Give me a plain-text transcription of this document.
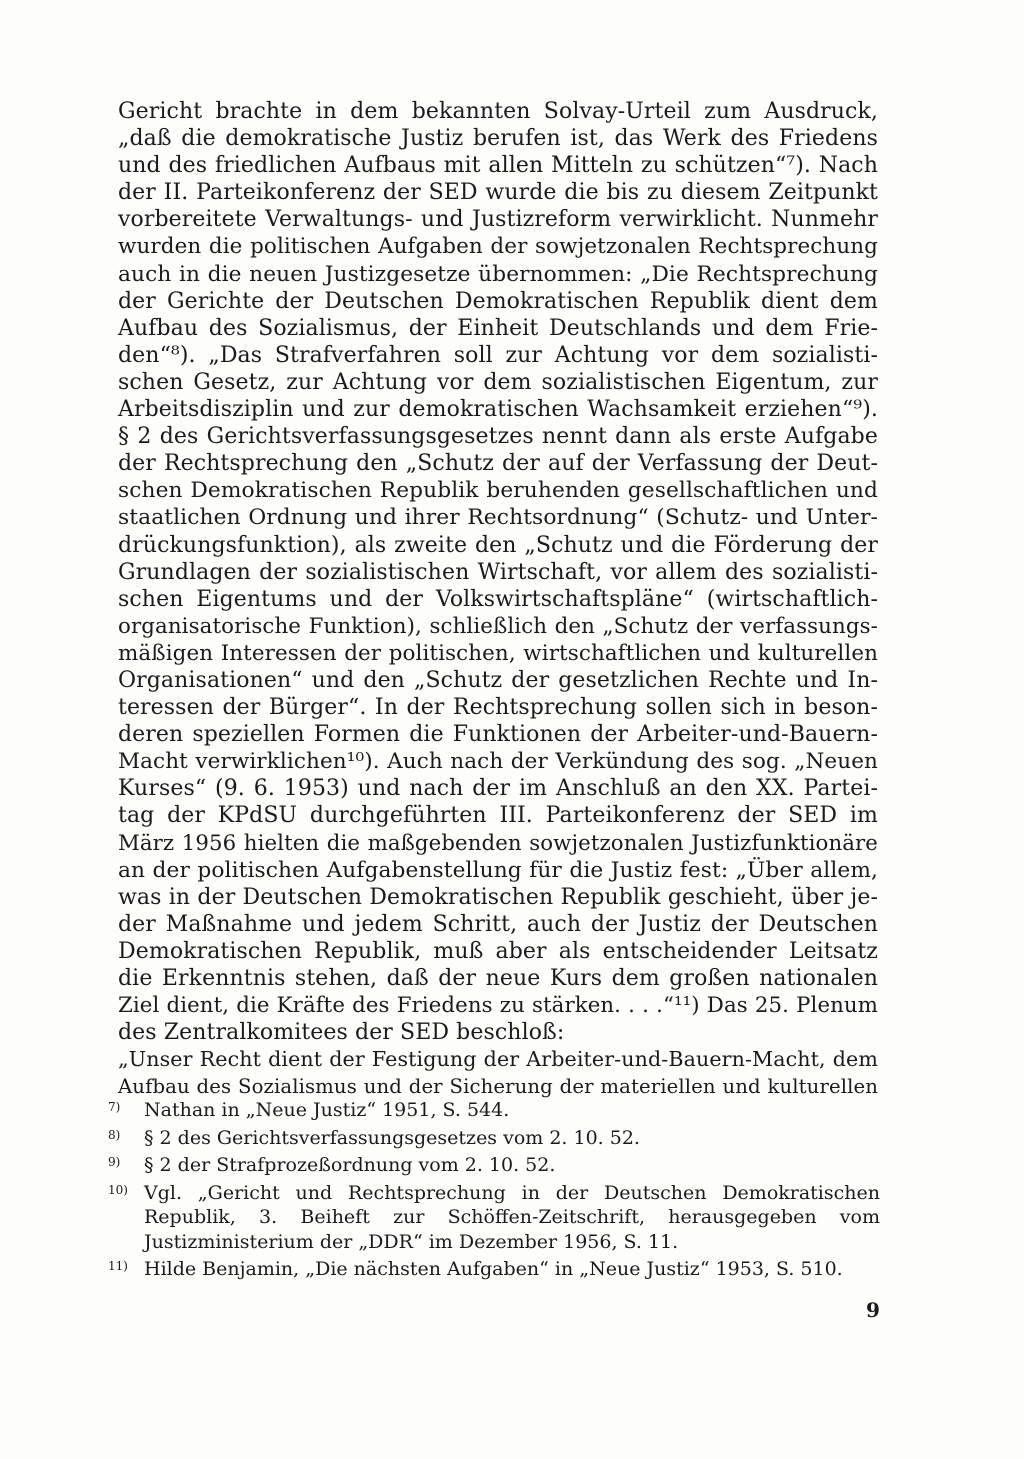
Gericht brachte in dem bekannten Solvay-Urteil zum Ausdruck,
„daß die demokratische Justiz berufen ist, das Werk des Friedens
und des friedlichen Aufbaus mit allen Mitteln zu schützen“⁷). Nach
der II. Parteikonferenz der SED wurde die bis zu diesem Zeitpunkt
vorbereitete Verwaltungs- und Justizreform verwirklicht. Nunmehr
wurden die politischen Aufgaben der sowjetzonalen Rechtsprechung
auch in die neuen Justizgesetze übernommen: „Die Rechtsprechung
der Gerichte der Deutschen Demokratischen Republik dient dem
Aufbau des Sozialismus, der Einheit Deutschlands und dem Frie-
den“⁸). „Das Strafverfahren soll zur Achtung vor dem sozialisti-
schen Gesetz, zur Achtung vor dem sozialistischen Eigentum, zur
Arbeitsdisziplin und zur demokratischen Wachsamkeit erziehen“⁹).
§ 2 des Gerichtsverfassungsgesetzes nennt dann als erste Aufgabe
der Rechtsprechung den „Schutz der auf der Verfassung der Deut-
schen Demokratischen Republik beruhenden gesellschaftlichen und
staatlichen Ordnung und ihrer Rechtsordnung“ (Schutz- und Unter-
drückungsfunktion), als zweite den „Schutz und die Förderung der
Grundlagen der sozialistischen Wirtschaft, vor allem des sozialisti-
schen Eigentums und der Volkswirtschaftspläne“ (wirtschaftlich-
organisatorische Funktion), schließlich den „Schutz der verfassungs-
mäßigen Interessen der politischen, wirtschaftlichen und kulturellen
Organisationen“ und den „Schutz der gesetzlichen Rechte und In-
teressen der Bürger“. In der Rechtsprechung sollen sich in beson-
deren speziellen Formen die Funktionen der Arbeiter-und-Bauern-
Macht verwirklichen¹⁰). Auch nach der Verkündung des sog. „Neuen
Kurses“ (9. 6. 1953) und nach der im Anschluß an den XX. Partei-
tag der KPdSU durchgeführten III. Parteikonferenz der SED im
März 1956 hielten die maßgebenden sowjetzonalen Justizfunktionäre
an der politischen Aufgabenstellung für die Justiz fest: „Über allem,
was in der Deutschen Demokratischen Republik geschieht, über je-
der Maßnahme und jedem Schritt, auch der Justiz der Deutschen
Demokratischen Republik, muß aber als entscheidender Leitsatz
die Erkenntnis stehen, daß der neue Kurs dem großen nationalen
Ziel dient, die Kräfte des Friedens zu stärken. . . .“¹¹) Das 25. Plenum
des Zentralkomitees der SED beschloß:
„Unser Recht dient der Festigung der Arbeiter-und-Bauern-Macht, dem
Aufbau des Sozialismus und der Sicherung der materiellen und kulturellen
7)	Nathan in „Neue Justiz“ 1951, S. 544.
8)	§ 2 des Gerichtsverfassungsgesetzes vom 2. 10. 52.
9)	§ 2 der Strafprozeßordnung vom 2. 10. 52.
10) Vgl. „Gericht und Rechtsprechung in der Deutschen Demokratischen
Republik, 3. Beiheft zur Schöffen-Zeitschrift, herausgegeben vom
Justizministerium der „DDR“ im Dezember 1956, S. 11.
11) Hilde Benjamin, „Die nächsten Aufgaben“ in „Neue Justiz“ 1953, S. 510.
9
